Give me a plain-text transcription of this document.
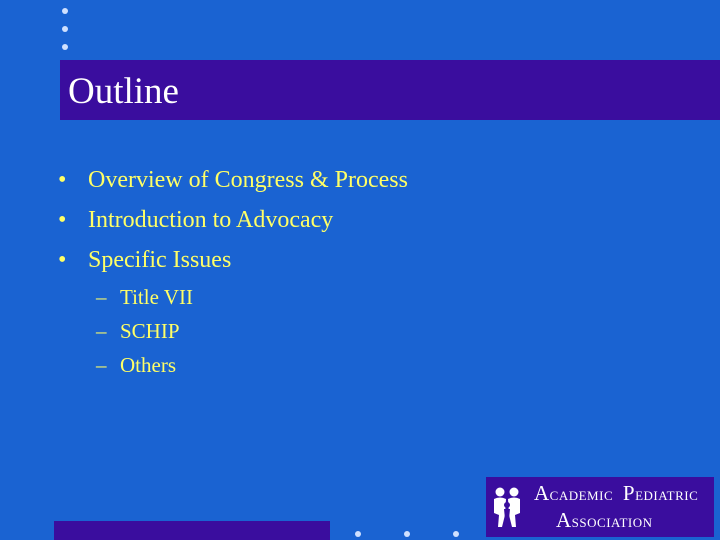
Outline
• Overview of Congress & Process
• Introduction to Advocacy
• Specific Issues
– Title VII
– SCHIP
– Others
ACADEMIC PEDIATRIC
ASSOCIATION
